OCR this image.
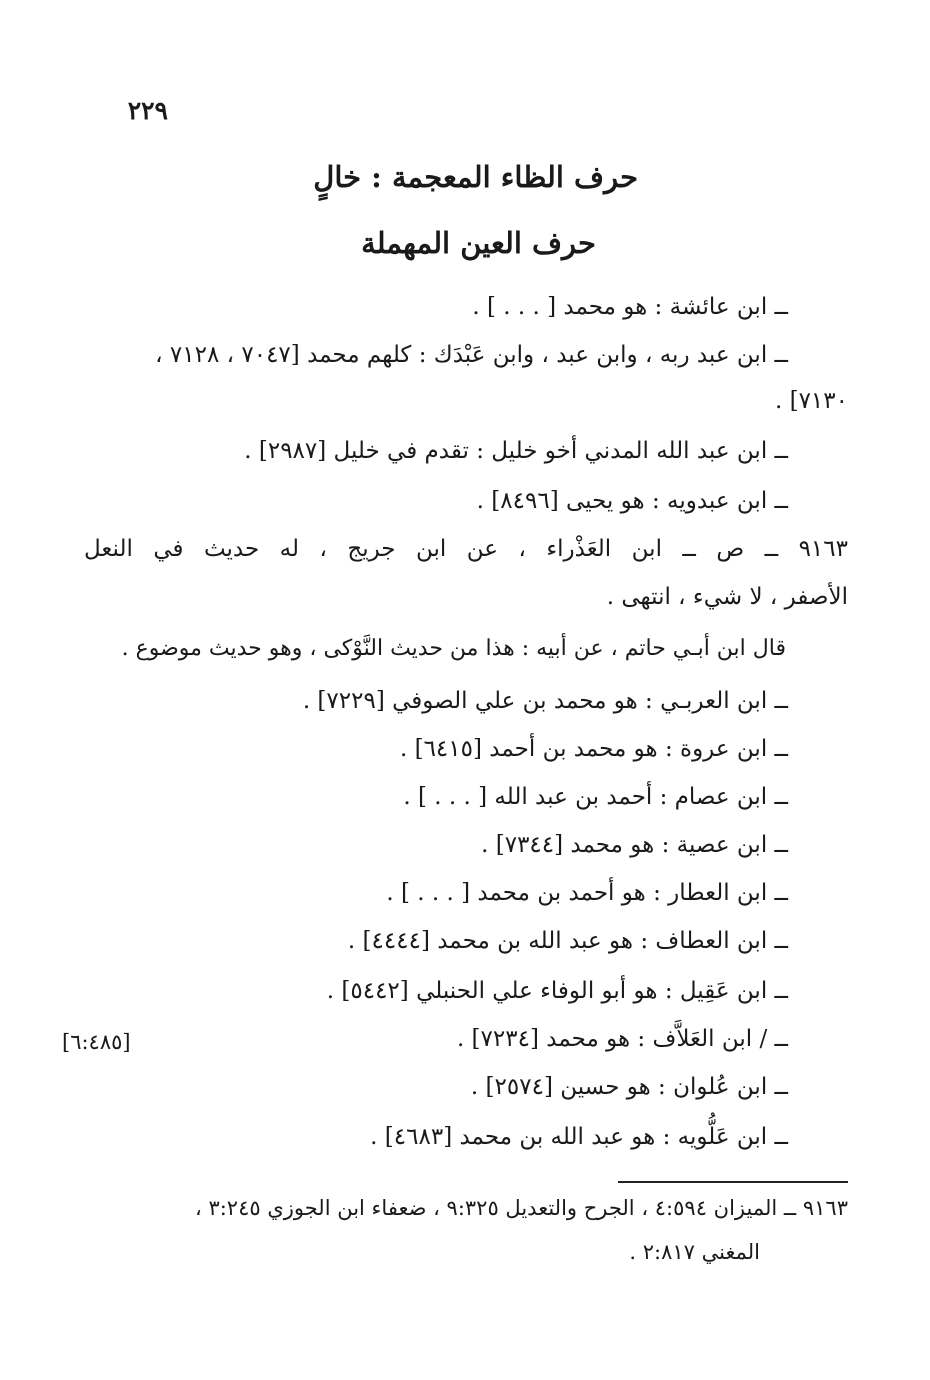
٢٢٩
حرف الظاء المعجمة : خالٍ
حرف العين المهملة
ــ ابن عائشة : هو محمد [ . . . ] .
ــ ابن عبد ربه ، وابن عبد ، وابن عَبْدَك : كلهم محمد [٧٠٤٧ ، ٧١٢٨ ،
٧١٣٠] .
ــ ابن عبد الله المدني أخو خليل : تقدم في خليل [٢٩٨٧] .
ــ ابن عبدويه : هو يحيى [٨٤٩٦] .
٩١٦٣ ــ ص ــ ابن العَذْراء ، عن ابن جريج ، له حديث في النعل
الأصفر ، لا شيء ، انتهى .
قال ابن أبـي حاتم ، عن أبيه : هذا من حديث النَّوْكى ، وهو حديث موضوع .
ــ ابن العربـي : هو محمد بن علي الصوفي [٧٢٢٩] .
ــ ابن عروة : هو محمد بن أحمد [٦٤١٥] .
ــ ابن عصام : أحمد بن عبد الله [ . . . ] .
ــ ابن عصية : هو محمد [٧٣٤٤] .
ــ ابن العطار : هو أحمد بن محمد [ . . . ] .
ــ ابن العطاف : هو عبد الله بن محمد [٤٤٤٤] .
ــ ابن عَقِيل : هو أبو الوفاء علي الحنبلي [٥٤٤٢] .
ــ / ابن العَلاَّف : هو محمد [٧٢٣٤] .
ــ ابن عُلوان : هو حسين [٢٥٧٤] .
ــ ابن عَلُّويه : هو عبد الله بن محمد [٤٦٨٣] .
[٦:٤٨٥]
٩١٦٣ ــ الميزان ٤:٥٩٤ ، الجرح والتعديل ٩:٣٢٥ ، ضعفاء ابن الجوزي ٣:٢٤٥ ،
المغني ٢:٨١٧ .
